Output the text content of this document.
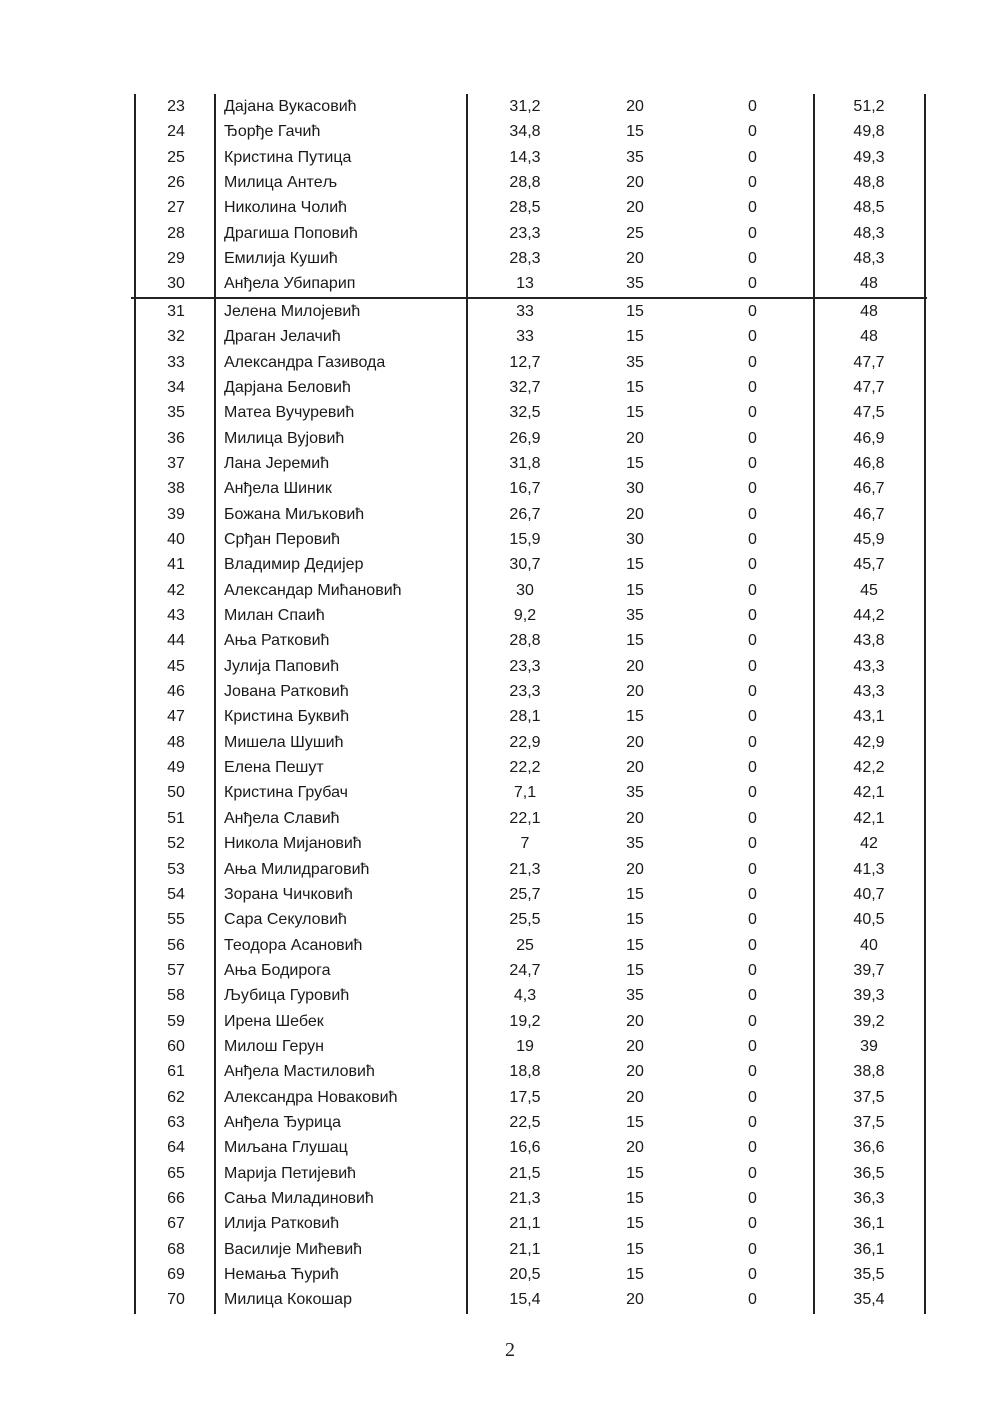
23	Дајана Вукасовић	31,2	20	0	51,2
24	Ђорђе Гачић	34,8	15	0	49,8
25	Кристина Путица	14,3	35	0	49,3
26	Милица Антељ	28,8	20	0	48,8
27	Николина Чолић	28,5	20	0	48,5
28	Драгиша Поповић	23,3	25	0	48,3
29	Емилија Кушић	28,3	20	0	48,3
30	Анђела Убипарип	13	35	0	48
31	Јелена Милојевић	33	15	0	48
32	Драган Јелачић	33	15	0	48
33	Александра Газивода	12,7	35	0	47,7
34	Дарјана Беловић	32,7	15	0	47,7
35	Матеа Вучуревић	32,5	15	0	47,5
36	Милица Вујовић	26,9	20	0	46,9
37	Лана Јеремић	31,8	15	0	46,8
38	Анђела Шиник	16,7	30	0	46,7
39	Божана Миљковић	26,7	20	0	46,7
40	Срђан Перовић	15,9	30	0	45,9
41	Владимир Дедијер	30,7	15	0	45,7
42	Александар Мићановић	30	15	0	45
43	Милан Спаић	9,2	35	0	44,2
44	Ања Ратковић	28,8	15	0	43,8
45	Јулија Паповић	23,3	20	0	43,3
46	Јована Ратковић	23,3	20	0	43,3
47	Кристина Буквић	28,1	15	0	43,1
48	Мишела Шушић	22,9	20	0	42,9
49	Елена Пешут	22,2	20	0	42,2
50	Кристина Грубач	7,1	35	0	42,1
51	Анђела Славић	22,1	20	0	42,1
52	Никола Мијановић	7	35	0	42
53	Ања Милидраговић	21,3	20	0	41,3
54	Зорана Чичковић	25,7	15	0	40,7
55	Сара Секуловић	25,5	15	0	40,5
56	Теодора Асановић	25	15	0	40
57	Ања Бодирога	24,7	15	0	39,7
58	Љубица Гуровић	4,3	35	0	39,3
59	Ирена Шебек	19,2	20	0	39,2
60	Милош Герун	19	20	0	39
61	Анђела Мастиловић	18,8	20	0	38,8
62	Александра Новаковић	17,5	20	0	37,5
63	Анђела Ђурица	22,5	15	0	37,5
64	Миљана Глушац	16,6	20	0	36,6
65	Марија Петијевић	21,5	15	0	36,5
66	Сања Миладиновић	21,3	15	0	36,3
67	Илија Ратковић	21,1	15	0	36,1
68	Василије Мићевић	21,1	15	0	36,1
69	Немања Ћурић	20,5	15	0	35,5
70	Милица Кокошар	15,4	20	0	35,4
2
